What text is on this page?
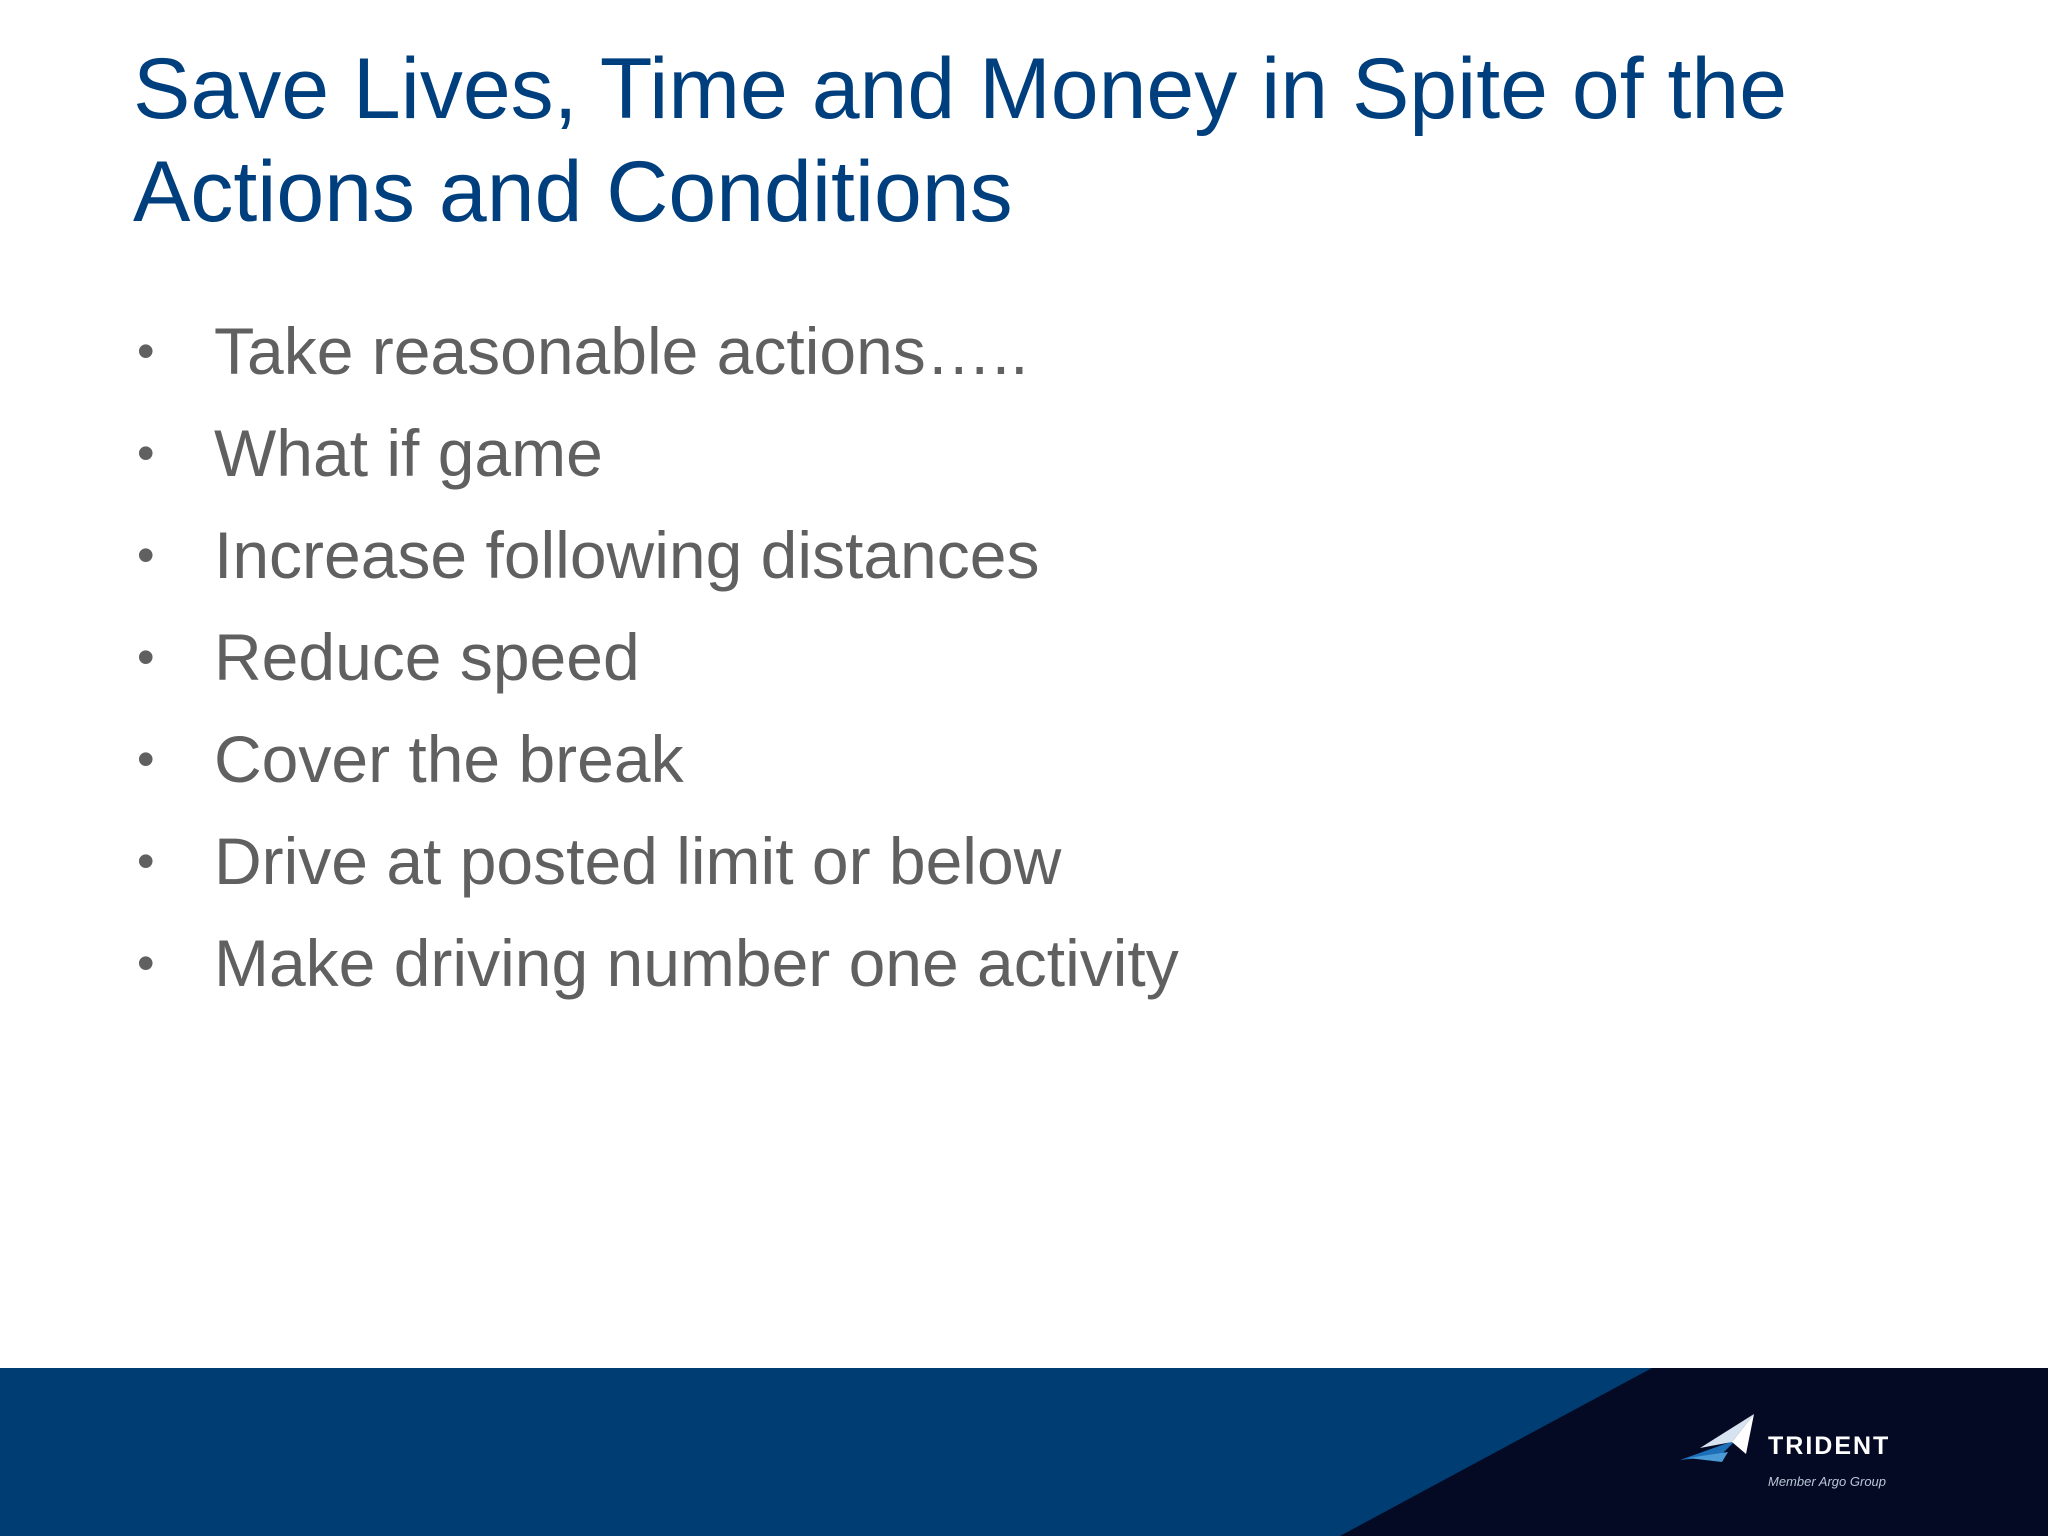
Save Lives, Time and Money in Spite of the Actions and Conditions
• Take reasonable actions…..
• What if game
• Increase following distances
• Reduce speed
• Cover the break
• Drive at posted limit or below
• Make driving number one activity
TRIDENT
Member Argo Group
